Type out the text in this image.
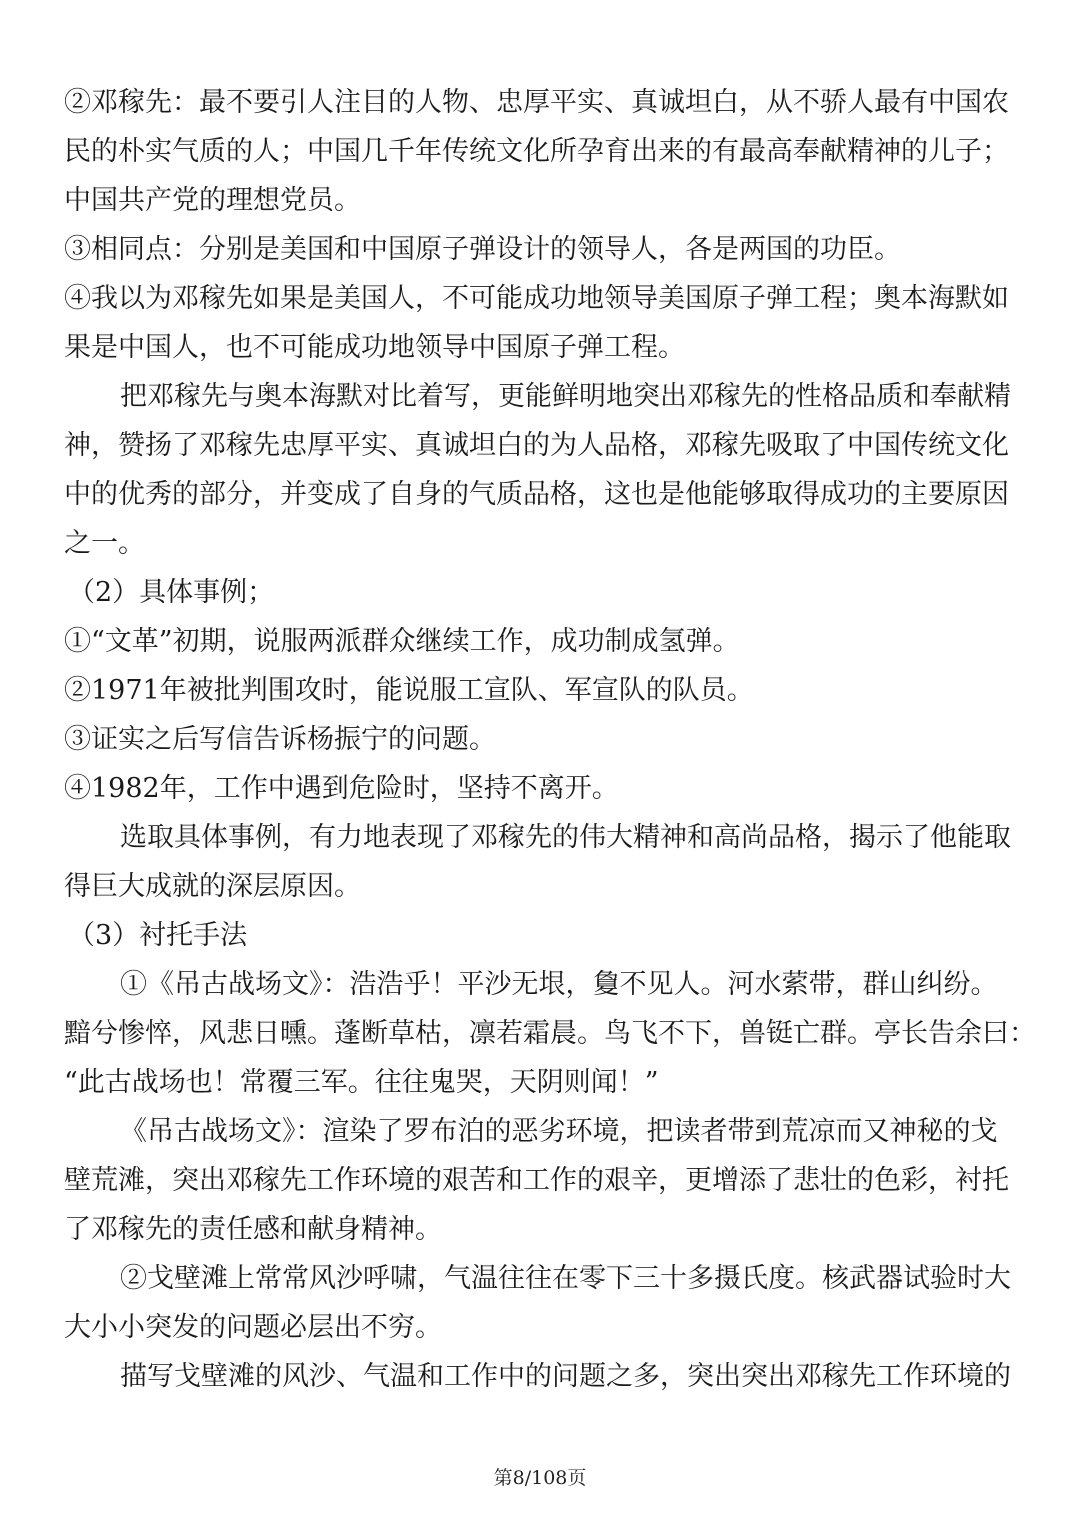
②邓稼先：最不要引人注目的人物、忠厚平实、真诚坦白，从不骄人最有中国农
民的朴实气质的人；中国几千年传统文化所孕育出来的有最高奉献精神的儿子；
中国共产党的理想党员。
③相同点：分别是美国和中国原子弹设计的领导人，各是两国的功臣。
④我以为邓稼先如果是美国人，不可能成功地领导美国原子弹工程；奥本海默如
果是中国人，也不可能成功地领导中国原子弹工程。
把邓稼先与奥本海默对比着写，更能鲜明地突出邓稼先的性格品质和奉献精
神，赞扬了邓稼先忠厚平实、真诚坦白的为人品格，邓稼先吸取了中国传统文化
中的优秀的部分，并变成了自身的气质品格，这也是他能够取得成功的主要原因
之一。
（2）具体事例；
①“文革”初期，说服两派群众继续工作，成功制成氢弹。
②1971年被批判围攻时，能说服工宣队、军宣队的队员。
③证实之后写信告诉杨振宁的问题。
④1982年，工作中遇到危险时，坚持不离开。
选取具体事例，有力地表现了邓稼先的伟大精神和高尚品格，揭示了他能取
得巨大成就的深层原因。
（3）衬托手法
①《吊古战场文》：浩浩乎！平沙无垠，敻不见人。河水萦带，群山纠纷。
黯兮惨悴，风悲日曛。蓬断草枯，凛若霜晨。鸟飞不下，兽铤亡群。亭长告余曰：
“此古战场也！常覆三军。往往鬼哭，天阴则闻！”
《吊古战场文》：渲染了罗布泊的恶劣环境，把读者带到荒凉而又神秘的戈
壁荒滩，突出邓稼先工作环境的艰苦和工作的艰辛，更增添了悲壮的色彩，衬托
了邓稼先的责任感和献身精神。
②戈壁滩上常常风沙呼啸，气温往往在零下三十多摄氏度。核武器试验时大
大小小突发的问题必层出不穷。
描写戈壁滩的风沙、气温和工作中的问题之多，突出突出邓稼先工作环境的
第8/108页
